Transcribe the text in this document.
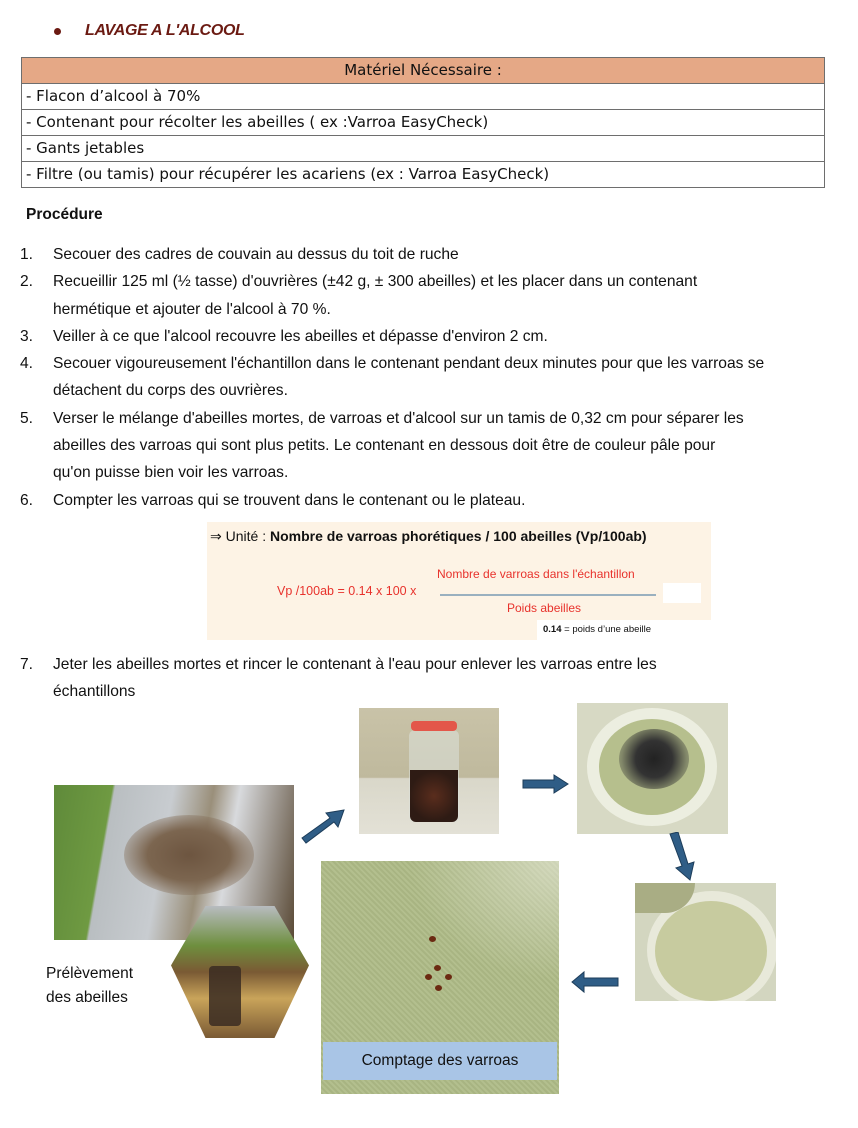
LAVAGE A L'ALCOOL
Matériel Nécessaire :
- Flacon d’alcool à 70%
- Contenant pour récolter les abeilles ( ex :Varroa EasyCheck)
- Gants jetables
- Filtre (ou tamis) pour récupérer les acariens (ex : Varroa EasyCheck)
Procédure
1. Secouer des cadres de couvain au dessus du toit de ruche
2. Recueillir 125 ml (½ tasse) d'ouvrières (±42 g, ± 300 abeilles) et les placer dans un contenant hermétique et ajouter de l'alcool à 70 %.
3. Veiller à ce que l'alcool recouvre les abeilles et dépasse d'environ 2 cm.
4. Secouer vigoureusement l'échantillon dans le contenant pendant deux minutes pour que les varroas se détachent du corps des ouvrières.
5. Verser le mélange d'abeilles mortes, de varroas et d'alcool sur un tamis de 0,32 cm pour séparer les abeilles des varroas qui sont plus petits. Le contenant en dessous doit être de couleur pâle pour qu'on puisse bien voir les varroas.
6. Compter les varroas qui se trouvent dans le contenant ou le plateau.
⇒ Unité : Nombre de varroas phorétiques / 100 abeilles (Vp/100ab)
Vp /100ab = 0.14 x 100 x
Nombre de varroas dans l'échantillon
Poids abeilles
0.14 = poids d’une abeille
7.	Jeter les abeilles mortes et rincer le contenant à l'eau pour enlever les varroas entre les échantillons
Prélèvement
des abeilles
Comptage des varroas
